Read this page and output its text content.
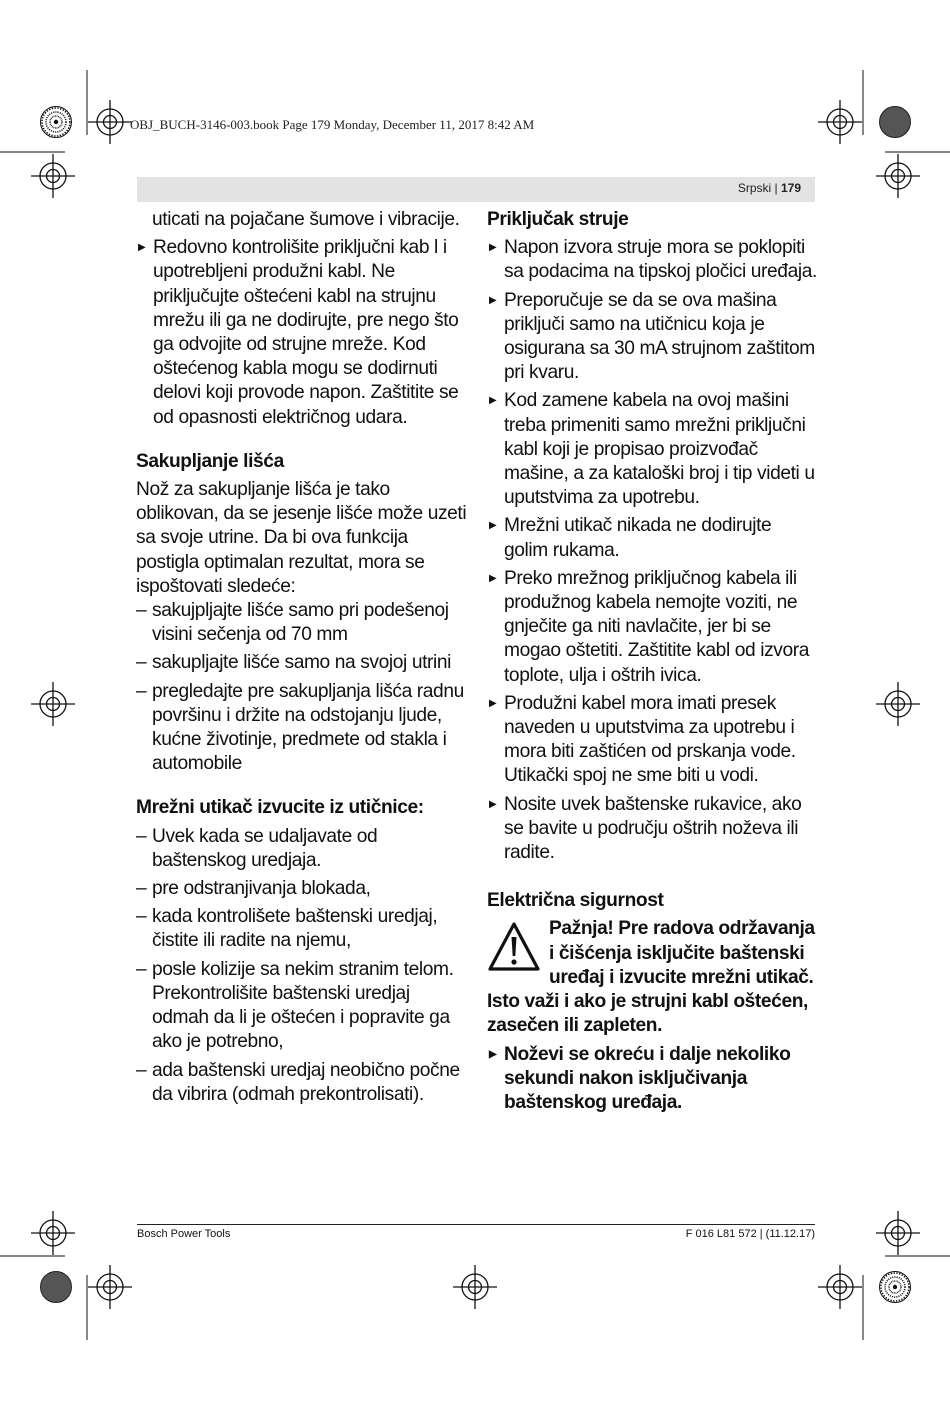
OBJ_BUCH-3146-003.book Page 179 Monday, December 11, 2017 8:42 AM
Srpski | 179

uticati na pojačane šumove i vibracije.

▶ Redovno kontrolišite priključni kab l i upotrebljeni produžni kabl. Ne priključujte oštećeni kabl na strujnu mrežu ili ga ne dodirujte, pre nego što ga odvojite od strujne mreže. Kod oštećenog kabla mogu se dodirnuti delovi koji provode napon. Zaštitite se od opasnosti električnog udara.

Sakupljanje lišća

Nož za sakupljanje lišća je tako oblikovan, da se jesenje lišće može uzeti sa svoje utrine. Da bi ova funkcija postigla optimalan rezultat, mora se ispoštovati sledeće:

– sakujpljajte lišće samo pri podešenoj visini sečenja od 70 mm

– sakupljajte lišće samo na svojoj utrini

– pregledajte pre sakupljanja lišća radnu površinu i držite na odstojanju ljude, kućne životinje, predmete od stakla i automobile

Mrežni utikač izvucite iz utičnice:

– Uvek kada se udaljavate od baštenskog uredjaja.

– pre odstranjivanja blokada,

– kada kontrolišete baštenski uredjaj, čistite ili radite na njemu,

– posle kolizije sa nekim stranim telom. Prekontrolišite baštenski uredjaj odmah da li je oštećen i popravite ga ako je potrebno,

– ada baštenski uredjaj neobično počne da vibrira (odmah prekontrolisati).

Priključak struje

▶ Napon izvora struje mora se poklopiti sa podacima na tipskoj pločici uređaja.

▶ Preporučuje se da se ova mašina priključi samo na utičnicu koja je osigurana sa 30 mA strujnom zaštitom pri kvaru.

▶ Kod zamene kabela na ovoj mašini treba primeniti samo mrežni priključni kabl koji je propisao proizvođač mašine, a za kataloški broj i tip videti u uputstvima za upotrebu.

▶ Mrežni utikač nikada ne dodirujte golim rukama.

▶ Preko mrežnog priključnog kabela ili produžnog kabela nemojte voziti, ne gnječite ga niti navlačite, jer bi se mogao oštetiti. Zaštitite kabl od izvora toplote, ulja i oštrih ivica.

▶ Produžni kabel mora imati presek naveden u uputstvima za upotrebu i mora biti zaštićen od prskanja vode. Utikački spoj ne sme biti u vodi.

▶ Nosite uvek baštenske rukavice, ako se bavite u području oštrih noževa ili radite.

Električna sigurnost

Pažnja! Pre radova održavanja i čišćenja isključite baštenski uređaj i izvucite mrežni utikač. Isto važi i ako je strujni kabl oštećen, zasečen ili zapleten.

▶ Noževi se okreću i dalje nekoliko sekundi nakon isključivanja baštenskog uređaja.

Bosch Power Tools	F 016 L81 572 | (11.12.17)
